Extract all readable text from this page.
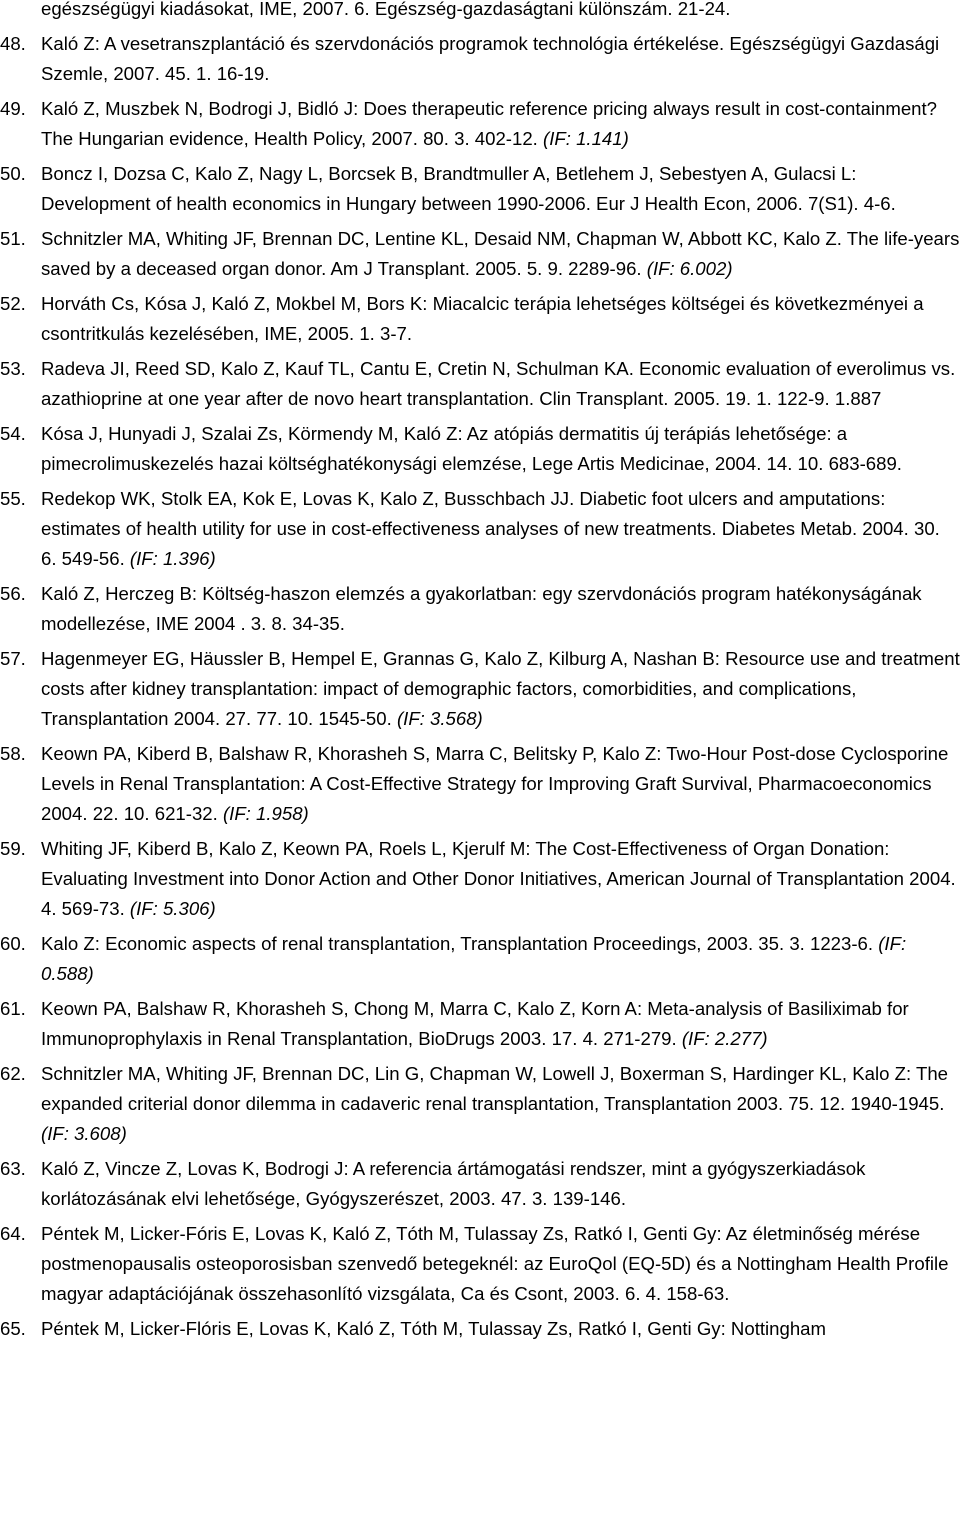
egészségügyi kiadásokat, IME, 2007. 6. Egészség-gazdaságtani különszám. 21-24.
48. Kaló Z: A vesetranszplantáció és szervdonációs programok technológia értékelése. Egészségügyi Gazdasági Szemle, 2007. 45. 1. 16-19.
49. Kaló Z, Muszbek N, Bodrogi J, Bidló J: Does therapeutic reference pricing always result in cost-containment? The Hungarian evidence, Health Policy, 2007. 80. 3. 402-12. (IF: 1.141)
50. Boncz I, Dozsa C, Kalo Z, Nagy L, Borcsek B, Brandtmuller A, Betlehem J, Sebestyen A, Gulacsi L: Development of health economics in Hungary between 1990-2006. Eur J Health Econ, 2006. 7(S1). 4-6.
51. Schnitzler MA, Whiting JF, Brennan DC, Lentine KL, Desaid NM, Chapman W, Abbott KC, Kalo Z. The life-years saved by a deceased organ donor. Am J Transplant. 2005. 5. 9. 2289-96. (IF: 6.002)
52. Horváth Cs, Kósa J, Kaló Z, Mokbel M, Bors K: Miacalcic terápia lehetséges költségei és következményei a csontritkulás kezelésében, IME, 2005. 1. 3-7.
53. Radeva JI, Reed SD, Kalo Z, Kauf TL, Cantu E, Cretin N, Schulman KA. Economic evaluation of everolimus vs. azathioprine at one year after de novo heart transplantation. Clin Transplant. 2005. 19. 1. 122-9. 1.887
54. Kósa J, Hunyadi J, Szalai Zs, Körmendy M, Kaló Z: Az atópiás dermatitis új terápiás lehetősége: a pimecrolimuskezelés hazai költséghatékonysági elemzése, Lege Artis Medicinae, 2004. 14. 10. 683-689.
55. Redekop WK, Stolk EA, Kok E, Lovas K, Kalo Z, Busschbach JJ. Diabetic foot ulcers and amputations: estimates of health utility for use in cost-effectiveness analyses of new treatments. Diabetes Metab. 2004. 30. 6. 549-56. (IF: 1.396)
56. Kaló Z, Herczeg B: Költség-haszon elemzés a gyakorlatban: egy szervdonációs program hatékonyságának modellezése, IME 2004 . 3. 8. 34-35.
57. Hagenmeyer EG, Häussler B, Hempel E, Grannas G, Kalo Z, Kilburg A, Nashan B: Resource use and treatment costs after kidney transplantation: impact of demographic factors, comorbidities, and complications, Transplantation 2004. 27. 77. 10. 1545-50. (IF: 3.568)
58. Keown PA, Kiberd B, Balshaw R, Khorasheh S, Marra C, Belitsky P, Kalo Z: Two-Hour Post-dose Cyclosporine Levels in Renal Transplantation: A Cost-Effective Strategy for Improving Graft Survival, Pharmacoeconomics 2004. 22. 10. 621-32. (IF: 1.958)
59. Whiting JF, Kiberd B, Kalo Z, Keown PA, Roels L, Kjerulf M: The Cost-Effectiveness of Organ Donation: Evaluating Investment into Donor Action and Other Donor Initiatives, American Journal of Transplantation 2004. 4. 569-73. (IF: 5.306)
60. Kalo Z: Economic aspects of renal transplantation, Transplantation Proceedings, 2003. 35. 3. 1223-6. (IF: 0.588)
61. Keown PA, Balshaw R, Khorasheh S, Chong M, Marra C, Kalo Z, Korn A: Meta-analysis of Basiliximab for Immunoprophylaxis in Renal Transplantation, BioDrugs 2003. 17. 4. 271-279. (IF: 2.277)
62. Schnitzler MA, Whiting JF, Brennan DC, Lin G, Chapman W, Lowell J, Boxerman S, Hardinger KL, Kalo Z: The expanded criterial donor dilemma in cadaveric renal transplantation, Transplantation 2003. 75. 12. 1940-1945. (IF: 3.608)
63. Kaló Z, Vincze Z, Lovas K, Bodrogi J: A referencia ártámogatási rendszer, mint a gyógyszerkiadások korlátozásának elvi lehetősége, Gyógyszerészet, 2003. 47. 3. 139-146.
64. Péntek M, Licker-Fóris E, Lovas K, Kaló Z, Tóth M, Tulassay Zs, Ratkó I, Genti Gy: Az életminőség mérése postmenopausalis osteoporosisban szenvedő betegeknél: az EuroQol (EQ-5D) és a Nottingham Health Profile magyar adaptációjának összehasonlító vizsgálata, Ca és Csont, 2003. 6. 4. 158-63.
65. Péntek M, Licker-Flóris E, Lovas K, Kaló Z, Tóth M, Tulassay Zs, Ratkó I, Genti Gy: Nottingham
